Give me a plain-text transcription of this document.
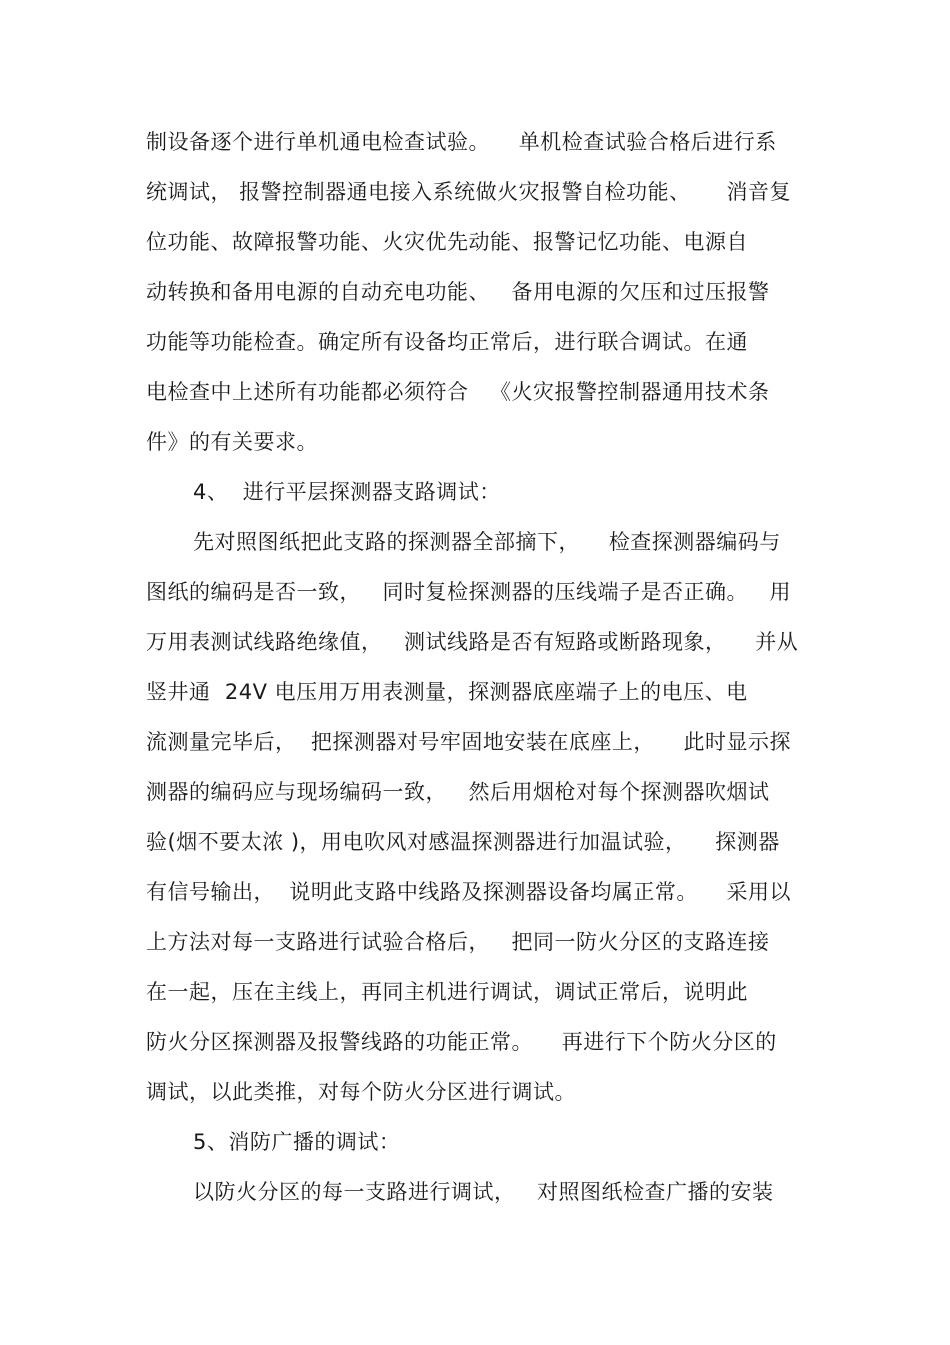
制设备逐个进行单机通电检查试验。    单机检查试验合格后进行系
统调试， 报警控制器通电接入系统做火灾报警自检功能、     消音复
位功能、故障报警功能、火灾优先动能、报警记忆功能、电源自
动转换和备用电源的自动充电功能、   备用电源的欠压和过压报警
功能等功能检查。确定所有设备均正常后，进行联合调试。在通
电检查中上述所有功能都必须符合   《火灾报警控制器通用技术条
件》的有关要求。
4、  进行平层探测器支路调试：
先对照图纸把此支路的探测器全部摘下，    检查探测器编码与
图纸的编码是否一致，   同时复检探测器的压线端子是否正确。   用
万用表测试线路绝缘值，   测试线路是否有短路或断路现象，    并从
竖井通  24V 电压用万用表测量，探测器底座端子上的电压、电
流测量完毕后，  把探测器对号牢固地安装在底座上，    此时显示探
测器的编码应与现场编码一致，   然后用烟枪对每个探测器吹烟试
验(烟不要太浓 )，用电吹风对感温探测器进行加温试验，    探测器
有信号输出，  说明此支路中线路及探测器设备均属正常。    采用以
上方法对每一支路进行试验合格后，   把同一防火分区的支路连接
在一起，压在主线上，再同主机进行调试，调试正常后，说明此
防火分区探测器及报警线路的功能正常。    再进行下个防火分区的
调试，以此类推，对每个防火分区进行调试。
5、消防广播的调试：
以防火分区的每一支路进行调试，   对照图纸检查广播的安装
